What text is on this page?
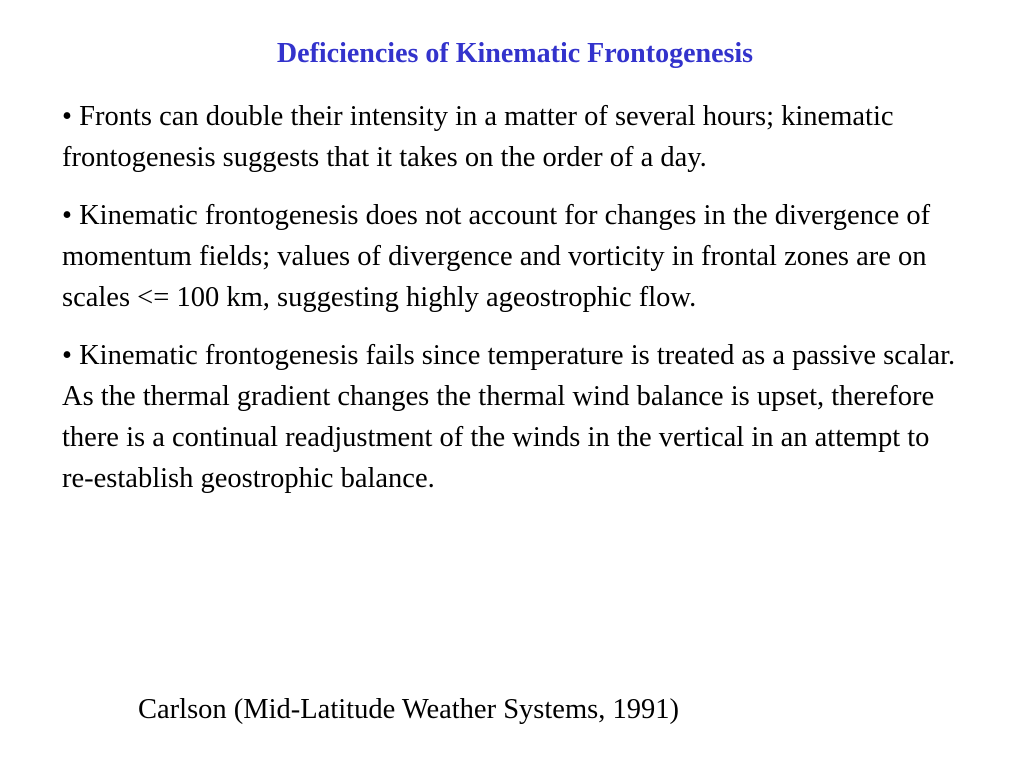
Deficiencies of Kinematic Frontogenesis
• Fronts can double their intensity in a matter of several hours; kinematic frontogenesis suggests that it takes on the order of a day.
• Kinematic frontogenesis does not account for changes in the divergence of momentum fields; values of divergence and vorticity in frontal zones are on scales <= 100 km, suggesting highly ageostrophic flow.
• Kinematic frontogenesis fails since temperature is treated as a passive scalar.  As the thermal gradient changes the thermal wind balance is upset, therefore there is a continual readjustment of the winds in the vertical in an attempt to re-establish geostrophic balance.

Carlson (Mid-Latitude Weather Systems, 1991)
